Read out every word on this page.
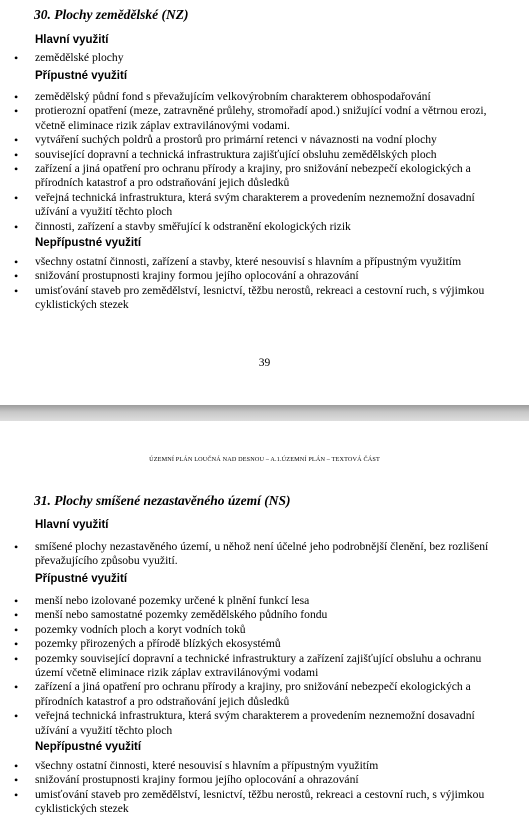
30. Plochy zemědělské (NZ)
Hlavní využití
• zemědělské plochy
Přípustné využití
• zemědělský půdní fond s převažujícím velkovýrobním charakterem obhospodařování
• protierozní opatření (meze, zatravněné průlehy, stromořadí apod.) snižující vodní a větrnou erozi, včetně eliminace rizik záplav extravilánovými vodami.
• vytváření suchých poldrů a prostorů pro primární retenci v návaznosti na vodní plochy
• související dopravní a technická infrastruktura zajišťující obsluhu zemědělských ploch
• zařízení a jiná opatření pro ochranu přírody a krajiny, pro snižování nebezpečí ekologických a přírodních katastrof a pro odstraňování jejich důsledků
• veřejná technická infrastruktura, která svým charakterem a provedením neznemožní dosavadní užívání a využití těchto ploch
• činnosti, zařízení a stavby směřující k odstranění ekologických rizik
Nepřípustné využití
• všechny ostatní činnosti, zařízení a stavby, které nesouvisí s hlavním a přípustným využitím
• snižování prostupnosti krajiny formou jejího oplocování a ohrazování
• umisťování staveb pro zemědělství, lesnictví, těžbu nerostů, rekreaci a cestovní ruch, s výjimkou cyklistických stezek
39
ÚZEMNÍ PLÁN LOUČNÁ NAD DESNOU – A.1.ÚZEMNÍ PLÁN – TEXTOVÁ ČÁST
31. Plochy smíšené nezastavěného území (NS)
Hlavní využití
• smíšené plochy nezastavěného území, u něhož není účelné jeho podrobnější členění, bez rozlišení převažujícího způsobu využití.
Přípustné využití
• menší nebo izolované pozemky určené k plnění funkcí lesa
• menší nebo samostatné pozemky zemědělského půdního fondu
• pozemky vodních ploch a koryt vodních toků
• pozemky přirozených a přírodě blízkých ekosystémů
• pozemky související dopravní a technické infrastruktury a zařízení zajišťující obsluhu a ochranu území včetně eliminace rizik záplav extravilánovými vodami
• zařízení a jiná opatření pro ochranu přírody a krajiny, pro snižování nebezpečí ekologických a přírodních katastrof a pro odstraňování jejich důsledků
• veřejná technická infrastruktura, která svým charakterem a provedením neznemožní dosavadní užívání a využití těchto ploch
Nepřípustné využití
• všechny ostatní činnosti, které nesouvisí s hlavním a přípustným využitím
• snižování prostupnosti krajiny formou jejího oplocování a ohrazování
• umisťování staveb pro zemědělství, lesnictví, těžbu nerostů, rekreaci a cestovní ruch, s výjimkou cyklistických stezek
